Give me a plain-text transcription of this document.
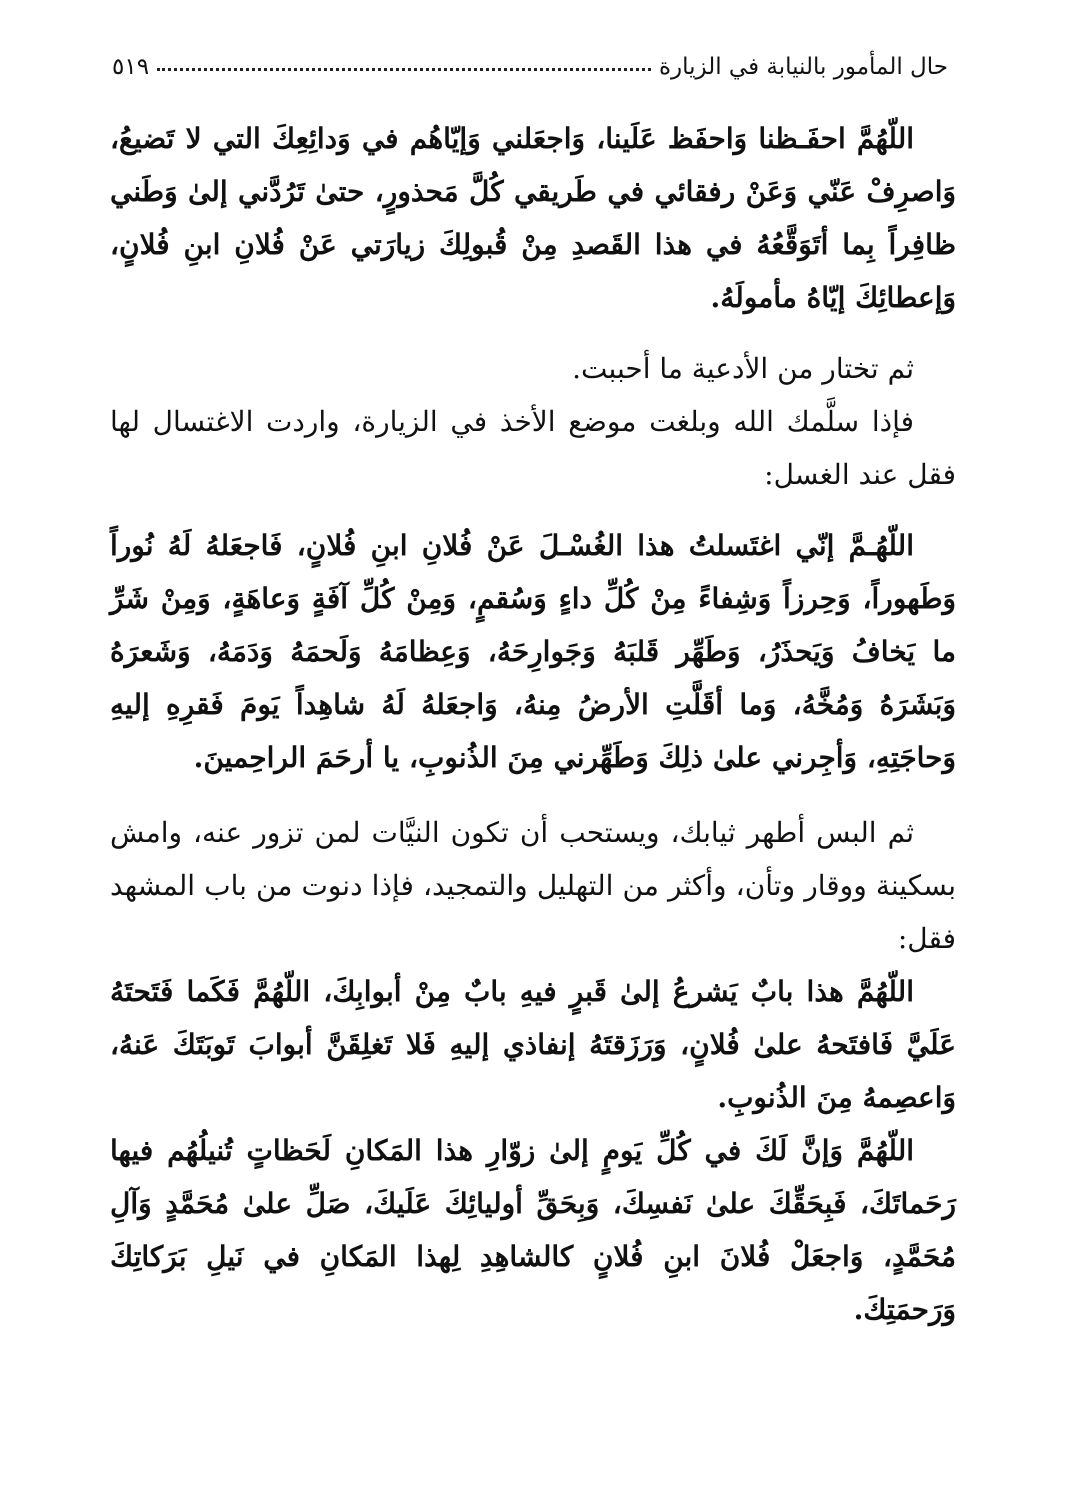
حال المأمور بالنيابة في الزيارة
٥١٩

اللّهُمَّ احفَـظنا وَاحفَظ عَلَينا، وَاجعَلني وَإيّاهُم في وَدائِعِكَ التي لا تَضيعُ، وَاصرِفْ عَنّي وَعَنْ رفقائي في طَريقي كُلَّ مَحذورٍ، حتىٰ تَرُدَّني إلىٰ وَطَني ظافِراً بِما أتَوَقَّعُهُ في هذا القَصدِ مِنْ قُبولِكَ زيارَتي عَنْ فُلانِ ابنِ فُلانٍ، وَإعطائِكَ إيّاهُ مأمولَهُ.

ثم تختار من الأدعية ما أحببت.

فإذا سلَّمك الله وبلغت موضع الأخذ في الزيارة، واردت الاغتسال لها فقل عند الغسل:

اللّهُـمَّ إنّي اغتَسلتُ هذا الغُسْـلَ عَنْ فُلانِ ابنِ فُلانٍ، فَاجعَلهُ لَهُ نُوراً وَطَهوراً، وَحِرزاً وَشِفاءً مِنْ كُلِّ داءٍ وَسُقمٍ، وَمِنْ كُلِّ آفَةٍ وَعاهَةٍ، وَمِنْ شَرِّ ما يَخافُ وَيَحذَرُ، وَطَهِّر قَلبَهُ وَجَوارِحَهُ، وَعِظامَهُ وَلَحمَهُ وَدَمَهُ، وَشَعرَهُ وَبَشَرَهُ وَمُخَّهُ، وَما أقَلَّتِ الأرضُ مِنهُ، وَاجعَلهُ لَهُ شاهِداً يَومَ فَقرِهِ إليهِ وَحاجَتِهِ، وَأجِرني علىٰ ذلِكَ وَطَهِّرني مِنَ الذُنوبِ، يا أرحَمَ الراحِمينَ.

ثم البس أطهر ثيابك، ويستحب أن تكون النيَّات لمن تزور عنه، وامش بسكينة ووقار وتأن، وأكثر من التهليل والتمجيد، فإذا دنوت من باب المشهد فقل:

اللّهُمَّ هذا بابٌ يَشرعُ إلىٰ قَبرٍ فيهِ بابٌ مِنْ أبوابِكَ، اللّهُمَّ فَكَما فَتَحتَهُ عَلَيَّ فَافتَحهُ علىٰ فُلانٍ، وَرَزَقتَهُ إنفاذي إليهِ فَلا تَغلِقَنَّ أبوابَ تَوبَتَكَ عَنهُ، وَاعصِمهُ مِنَ الذُنوبِ.

اللّهُمَّ وَإنَّ لَكَ في كُلِّ يَومٍ إلىٰ زوّارِ هذا المَكانِ لَحَظاتٍ تُنيلُهُم فيها رَحَماتَكَ، فَبِحَقِّكَ علىٰ نَفسِكَ، وَبِحَقِّ أوليائِكَ عَلَيكَ، صَلِّ علىٰ مُحَمَّدٍ وَآلِ مُحَمَّدٍ، وَاجعَلْ فُلانَ ابنِ فُلانٍ كالشاهِدِ لِهذا المَكانِ في نَيلِ بَرَكاتِكَ وَرَحمَتِكَ.
